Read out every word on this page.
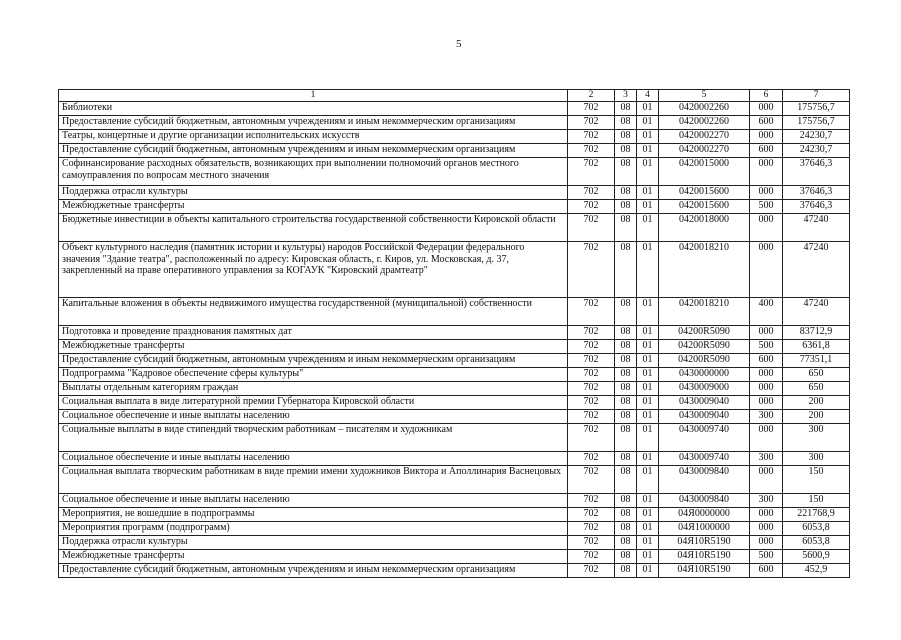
5
1	2	3	4	5	6	7
Библиотеки	702	08	01	0420002260	000	175756,7
Предоставление субсидий бюджетным, автономным учреждениям и иным некоммерческим организациям	702	08	01	0420002260	600	175756,7
Театры, концертные и другие организации исполнительских искусств	702	08	01	0420002270	000	24230,7
Предоставление субсидий бюджетным, автономным учреждениям и иным некоммерческим организациям	702	08	01	0420002270	600	24230,7
Софинансирование расходных обязательств, возникающих при выполнении полномочий органов местного самоуправления по вопросам местного значения	702	08	01	0420015000	000	37646,3
Поддержка отрасли культуры	702	08	01	0420015600	000	37646,3
Межбюджетные трансферты	702	08	01	0420015600	500	37646,3
Бюджетные инвестиции в объекты капитального строительства государственной собственности Кировской области	702	08	01	0420018000	000	47240
Объект культурного наследия (памятник истории и культуры) народов Российской Федерации федерального значения "Здание театра", расположенный по адресу: Кировская область, г. Киров, ул. Московская, д. 37, закрепленный на праве оперативного управления за КОГАУК "Кировский драмтеатр"	702	08	01	0420018210	000	47240
Капитальные вложения в объекты недвижимого имущества государственной (муниципальной) собственности	702	08	01	0420018210	400	47240
Подготовка и проведение празднования памятных дат	702	08	01	04200R5090	000	83712,9
Межбюджетные трансферты	702	08	01	04200R5090	500	6361,8
Предоставление субсидий бюджетным, автономным учреждениям и иным некоммерческим организациям	702	08	01	04200R5090	600	77351,1
Подпрограмма "Кадровое обеспечение сферы культуры"	702	08	01	0430000000	000	650
Выплаты отдельным категориям граждан	702	08	01	0430009000	000	650
Социальная выплата в виде литературной премии Губернатора Кировской области	702	08	01	0430009040	000	200
Социальное обеспечение и иные выплаты населению	702	08	01	0430009040	300	200
Социальные выплаты в виде стипендий творческим работникам – писателям и художникам	702	08	01	0430009740	000	300
Социальное обеспечение и иные выплаты населению	702	08	01	0430009740	300	300
Социальная выплата творческим работникам в виде премии имени художников Виктора и Аполлинария Васнецовых	702	08	01	0430009840	000	150
Социальное обеспечение и иные выплаты населению	702	08	01	0430009840	300	150
Мероприятия, не вошедшие в подпрограммы	702	08	01	04Я0000000	000	221768,9
Мероприятия программ (подпрограмм)	702	08	01	04Я1000000	000	6053,8
Поддержка отрасли культуры	702	08	01	04Я10R5190	000	6053,8
Межбюджетные трансферты	702	08	01	04Я10R5190	500	5600,9
Предоставление субсидий бюджетным, автономным учреждениям и иным некоммерческим организациям	702	08	01	04Я10R5190	600	452,9
